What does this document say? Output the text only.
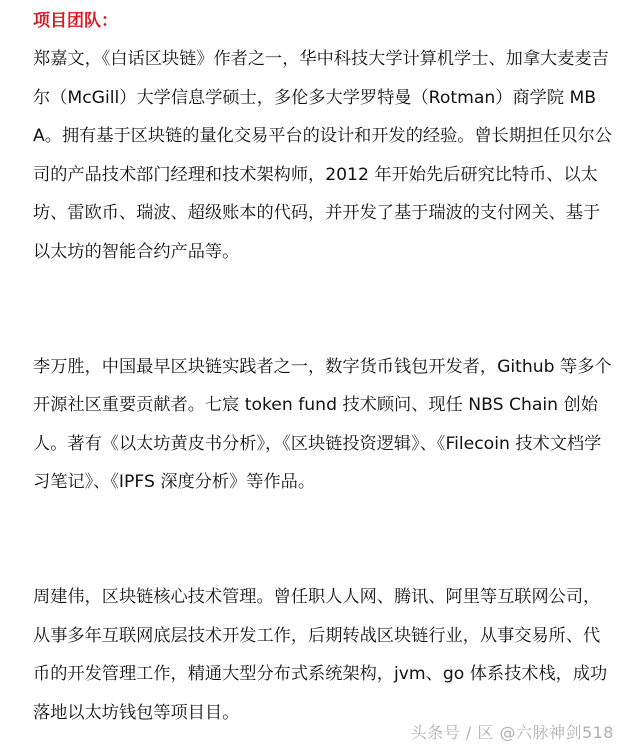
项目团队：

郑嘉文，《白话区块链》作者之一，华中科技大学计算机学士、加拿大麦麦吉尔（McGill）大学信息学硕士，多伦多大学罗特曼（Rotman）商学院 MBA。拥有基于区块链的量化交易平台的设计和开发的经验。曾长期担任贝尔公司的产品技术部门经理和技术架构师，2012 年开始先后研究比特币、以太坊、雷欧币、瑞波、超级账本的代码，并开发了基于瑞波的支付网关、基于以太坊的智能合约产品等。

李万胜，中国最早区块链实践者之一，数字货币钱包开发者，Github 等多个开源社区重要贡献者。七宸 token fund 技术顾问、现任 NBS Chain 创始人。著有《以太坊黄皮书分析》，《区块链投资逻辑》、《Filecoin 技术文档学习笔记》、《IPFS 深度分析》等作品。

周建伟，区块链核心技术管理。曾任职人人网、腾讯、阿里等互联网公司，从事多年互联网底层技术开发工作，后期转战区块链行业，从事交易所、代币的开发管理工作，精通大型分布式系统架构，jvm、go 体系技术栈，成功落地以太坊钱包等项目目。

头条号 / 区 @六脉神剑518
